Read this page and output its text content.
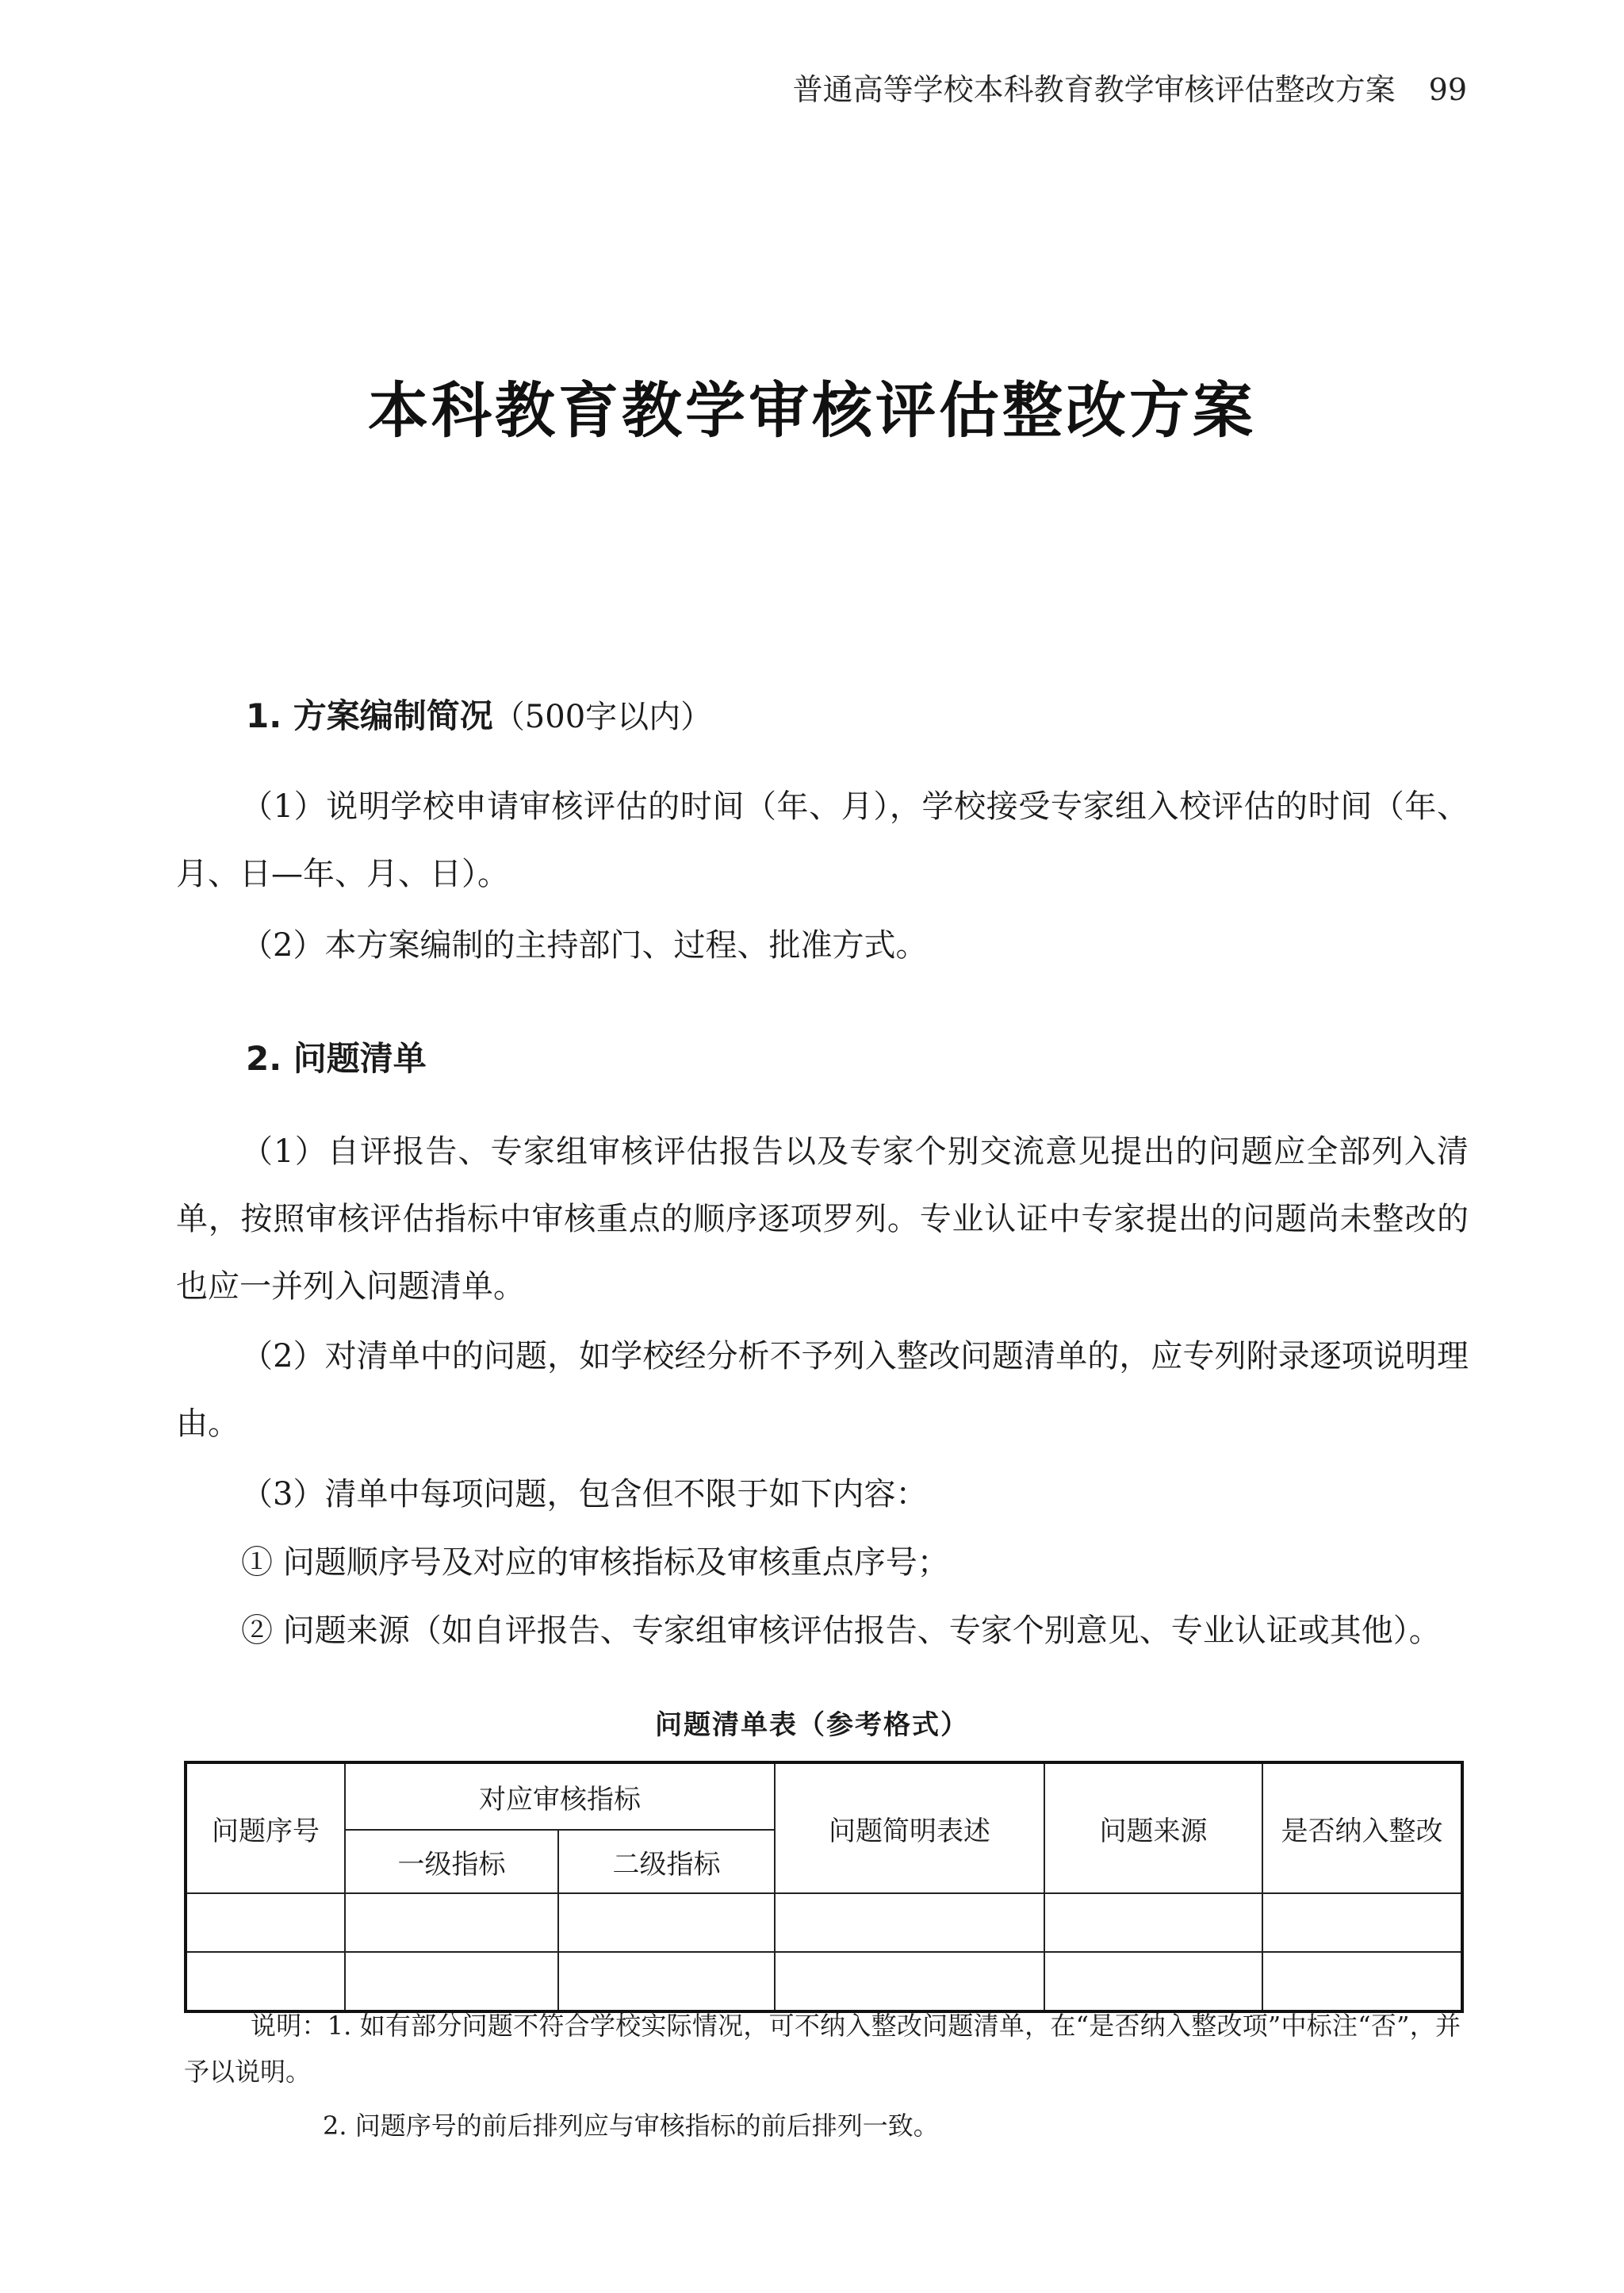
普通高等学校本科教育教学审核评估整改方案 99
本科教育教学审核评估整改方案
1. 方案编制简况（500字以内）

（1）说明学校申请审核评估的时间（年、月），学校接受专家组入校评估的时间（年、月、日—年、月、日）。

（2）本方案编制的主持部门、过程、批准方式。

2. 问题清单

（1）自评报告、专家组审核评估报告以及专家个别交流意见提出的问题应全部列入清单，按照审核评估指标中审核重点的顺序逐项罗列。专业认证中专家提出的问题尚未整改的也应一并列入问题清单。

（2）对清单中的问题，如学校经分析不予列入整改问题清单的，应专列附录逐项说明理由。

（3）清单中每项问题，包含但不限于如下内容：

① 问题顺序号及对应的审核指标及审核重点序号；

② 问题来源（如自评报告、专家组审核评估报告、专家个别意见、专业认证或其他）。

问题清单表（参考格式）
问题序号	对应审核指标		问题简明表述	问题来源	是否纳入整改
	一级指标	二级指标			

说明：1. 如有部分问题不符合学校实际情况，可不纳入整改问题清单，在“是否纳入整改项”中标注“否”，并予以说明。

2. 问题序号的前后排列应与审核指标的前后排列一致。
